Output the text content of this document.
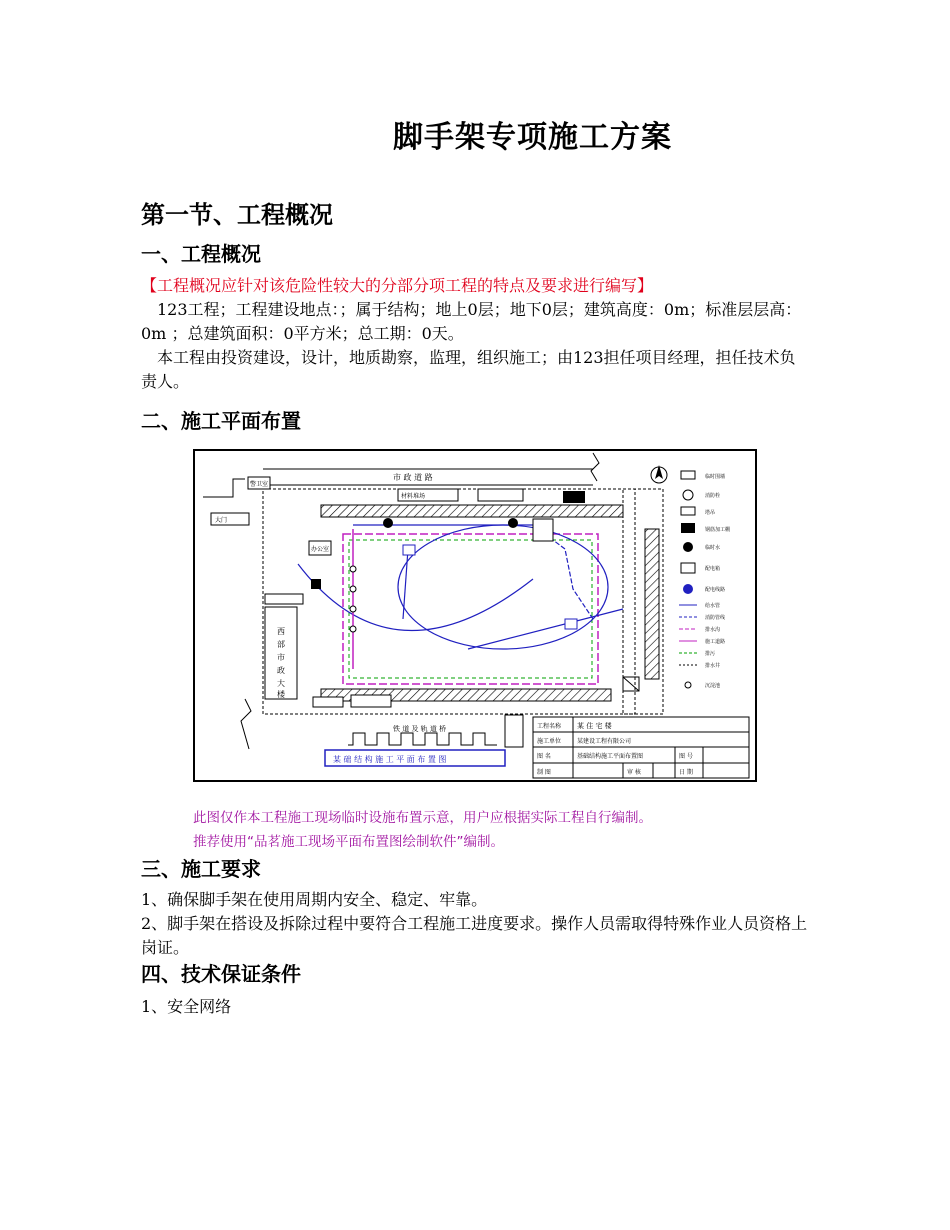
脚手架专项施工方案
第一节、工程概况
一、工程概况
【工程概况应针对该危险性较大的分部分项工程的特点及要求进行编写】
123工程；工程建设地点：；属于结构；地上0层；地下0层；建筑高度：0m；标准层层高：0m ；总建筑面积：0平方米；总工期：0天。
本工程由投资建设，设计，地质勘察，监理，组织施工；由123担任项目经理，担任技术负责人。
二、施工平面布置
市 政 道 路
警卫室
大门
材料堆场
西
部
市
政
大
楼
办公室
铁 道 及 轨 道 桥
某 础 结 构 施 工 平 面 布 置 图
工程名称 某 住 宅 楼
施工单位	某建设工程有限公司
图 名	基础结构施工平面布置图	图 号
制 图	审 核	日 期
临时围墙
消防栓
塔吊
钢筋加工棚
临时水
配电箱
配电线路
给水管
消防管线
排水沟
施工道路
排污
排水井
沉淀池
此图仅作本工程施工现场临时设施布置示意，用户应根据实际工程自行编制。
推荐使用“品茗施工现场平面布置图绘制软件”编制。
三、施工要求
1、确保脚手架在使用周期内安全、稳定、牢靠。
2、脚手架在搭设及拆除过程中要符合工程施工进度要求。操作人员需取得特殊作业人员资格上岗证。
四、技术保证条件
1、安全网络
